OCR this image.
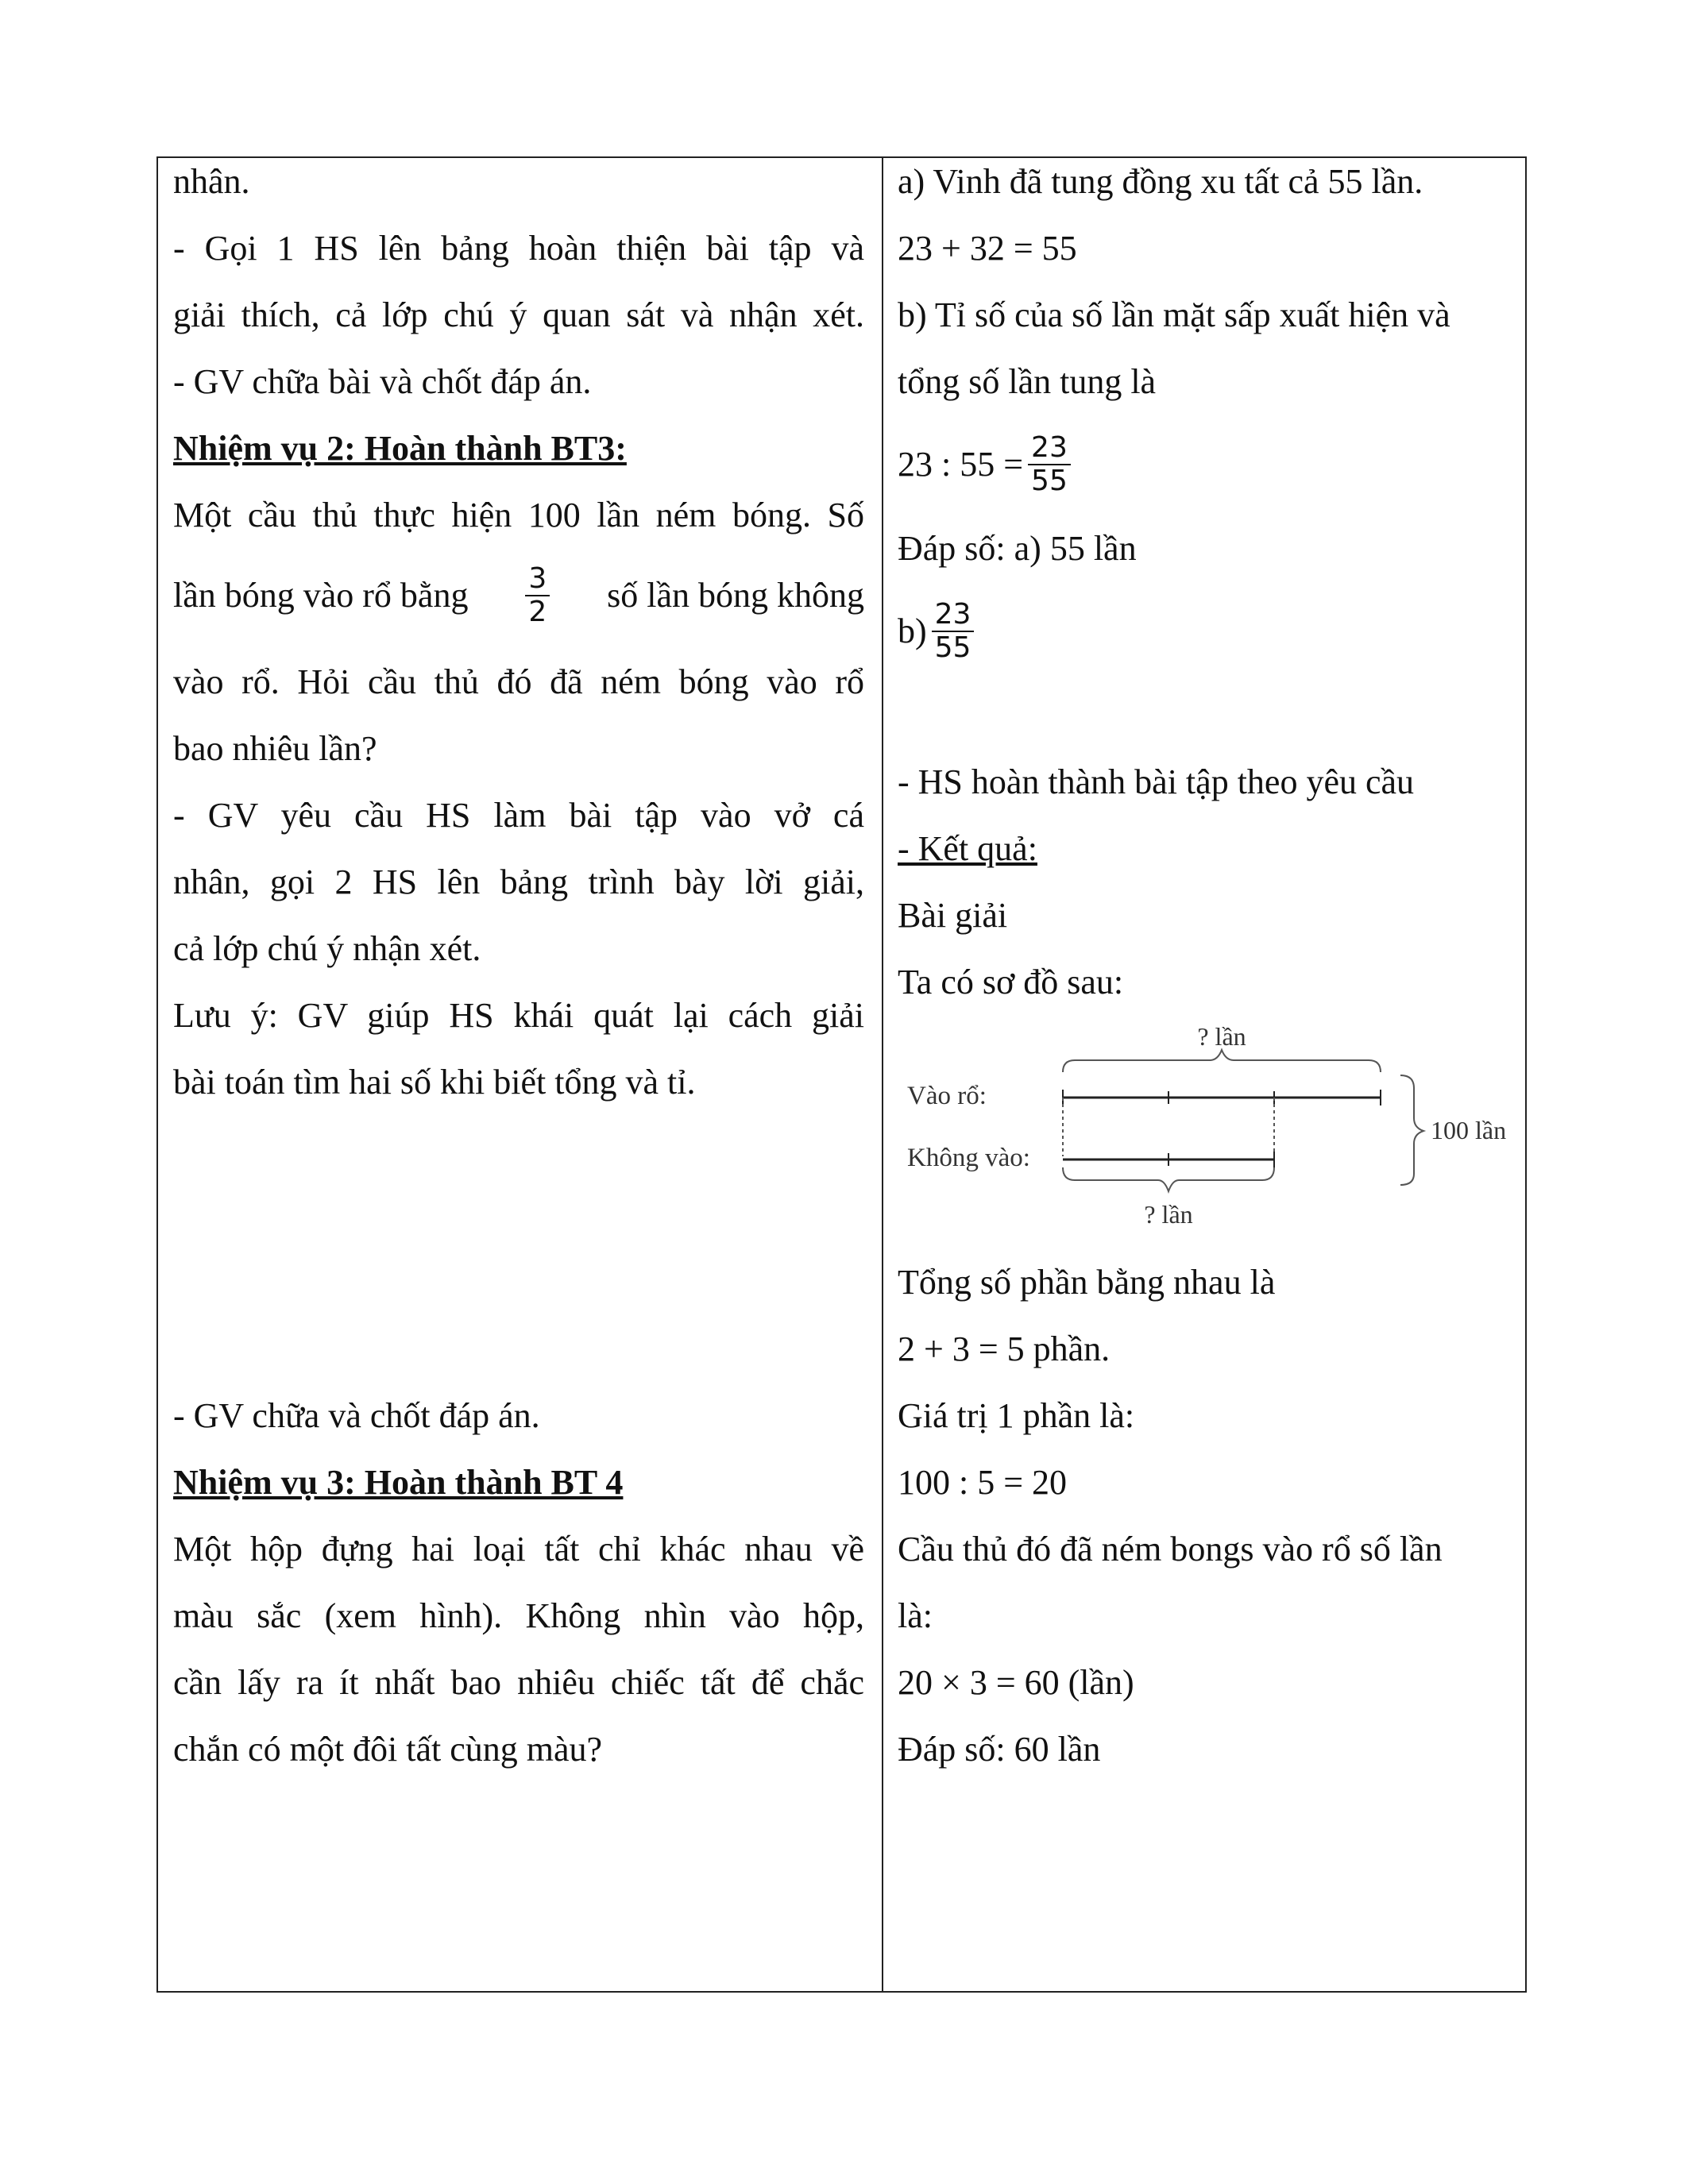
nhân.
- Gọi 1 HS lên bảng hoàn thiện bài tập và
giải thích, cả lớp chú ý quan sát và nhận xét.
- GV chữa bài và chốt đáp án.
Nhiệm vụ 2: Hoàn thành BT3:
Một cầu thủ thực hiện 100 lần ném bóng. Số
lần bóng vào rổ bằng $\frac{3}{2}$ số lần bóng không
vào rổ. Hỏi cầu thủ đó đã ném bóng vào rổ
bao nhiêu lần?
- GV yêu cầu HS làm bài tập vào vở cá
nhân, gọi 2 HS lên bảng trình bày lời giải,
cả lớp chú ý nhận xét.
Lưu ý: GV giúp HS khái quát lại cách giải
bài toán tìm hai số khi biết tổng và tỉ.
- GV chữa và chốt đáp án.
Nhiệm vụ 3: Hoàn thành BT 4
Một hộp đựng hai loại tất chỉ khác nhau về
màu sắc (xem hình). Không nhìn vào hộp,
cần lấy ra ít nhất bao nhiêu chiếc tất để chắc
chắn có một đôi tất cùng màu?
a) Vinh đã tung đồng xu tất cả 55 lần.
23 + 32 = 55
b) Tỉ số của số lần mặt sấp xuất hiện và
tổng số lần tung là
23 : $55 = \frac{23}{55}$
Đáp số: a) 55 lần
$b) \frac{23}{55}$
- HS hoàn thành bài tập theo yêu cầu
- Kết quả:
Bài giải
Ta có sơ đồ sau:
? lần
Vào rổ:
Không vào:
? lần
100 lần
Tổng số phần bằng nhau là
2 + 3 = 5 phần.
Giá trị 1 phần là:
100 : 5 = 20
Cầu thủ đó đã ném bongs vào rổ số lần
là:
20 × 3 = 60 (lần)
Đáp số: 60 lần
